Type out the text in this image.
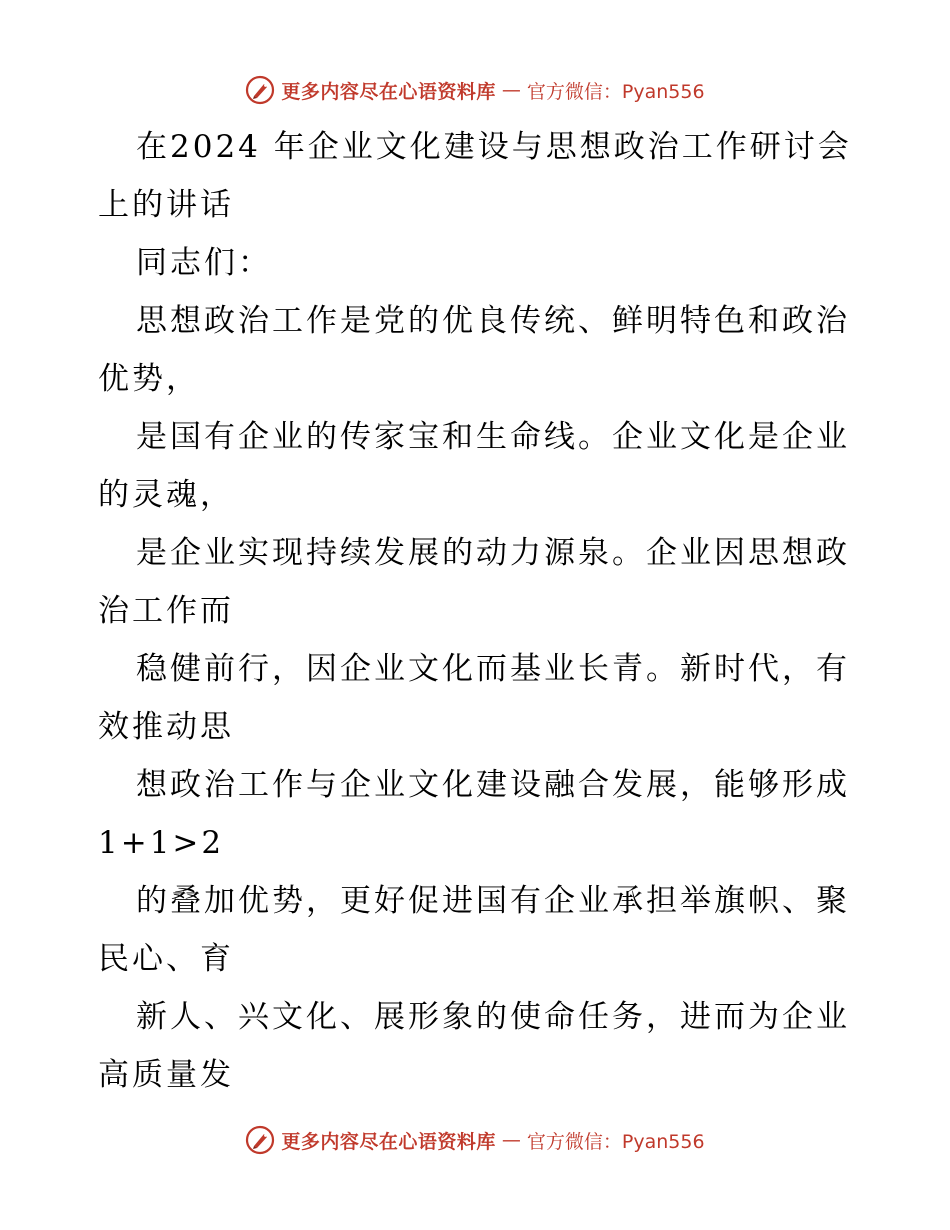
更多内容尽在心语资料库 — 官方微信：Pyan556
在2024 年企业文化建设与思想政治工作研讨会
上的讲话
同志们：
思想政治工作是党的优良传统、鲜明特色和政治
优势，
是国有企业的传家宝和生命线。企业文化是企业
的灵魂，
是企业实现持续发展的动力源泉。企业因思想政
治工作而
稳健前行，因企业文化而基业长青。新时代，有
效推动思
想政治工作与企业文化建设融合发展，能够形成
1+1>2
的叠加优势，更好促进国有企业承担举旗帜、聚
民心、育
新人、兴文化、展形象的使命任务，进而为企业
高质量发
更多内容尽在心语资料库 — 官方微信：Pyan556
